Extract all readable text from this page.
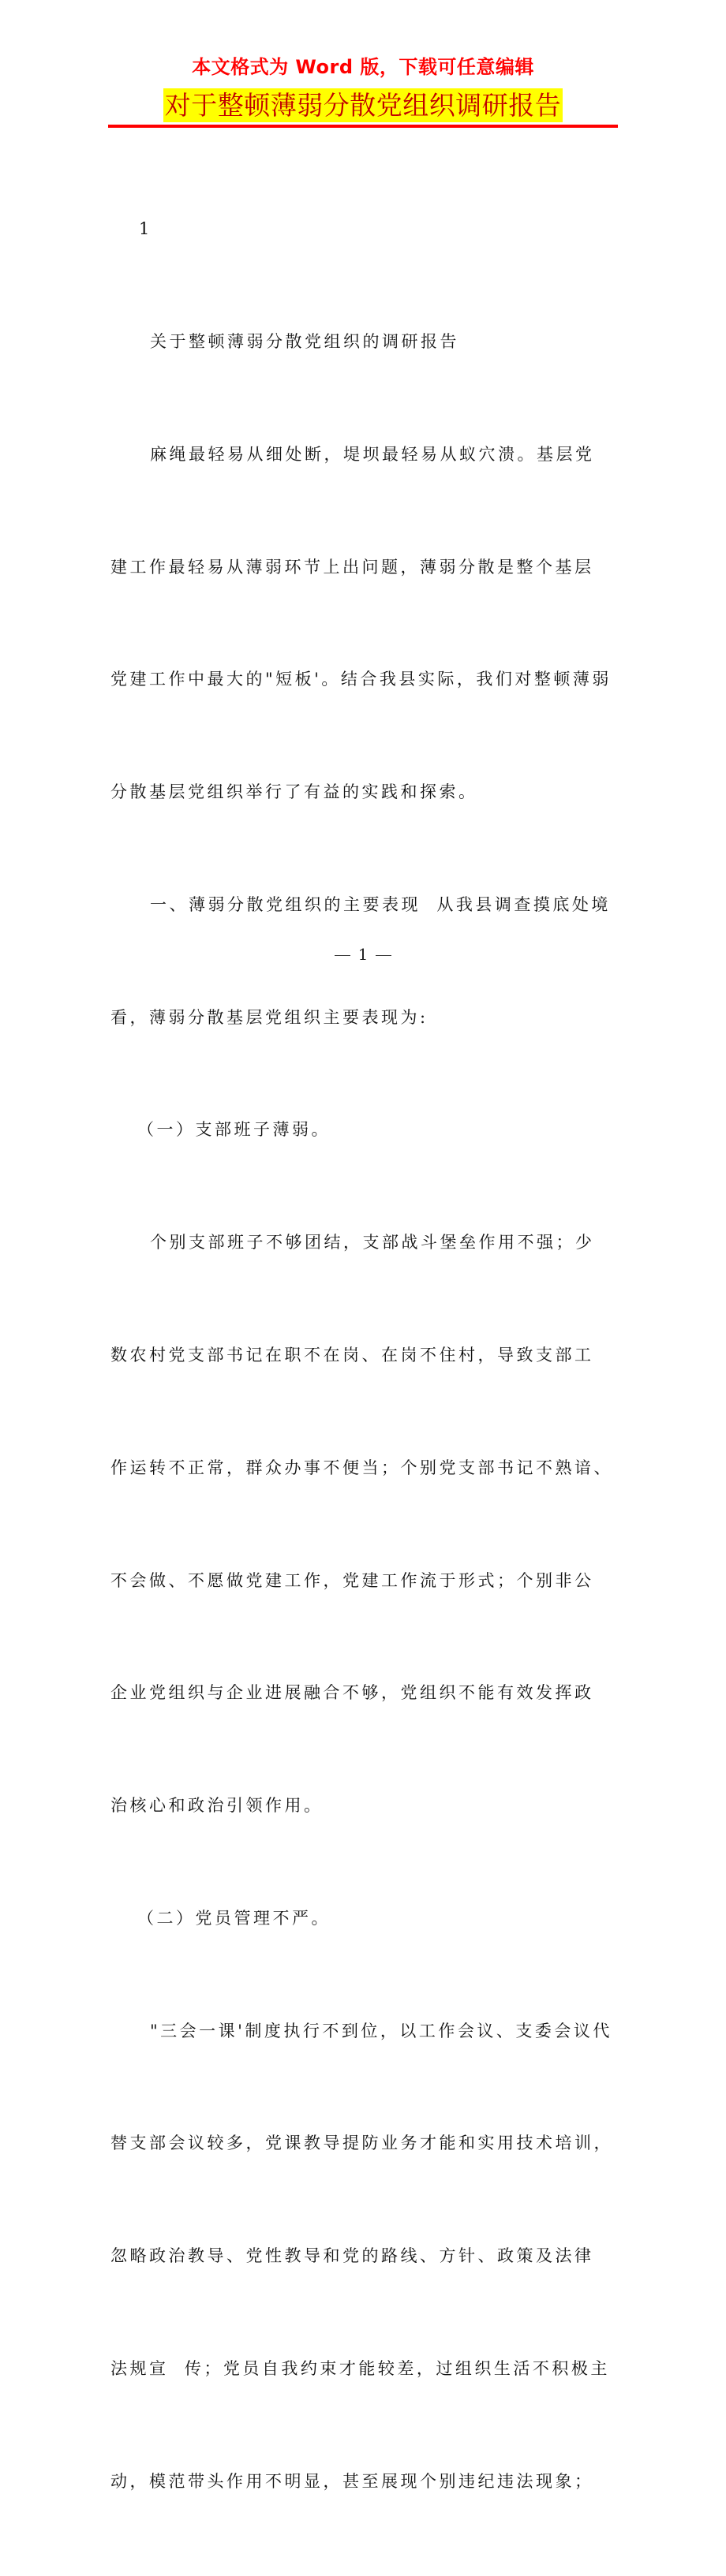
本文格式为 Word 版，下载可任意编辑
对于整顿薄弱分散党组织调研报告

1

关于整顿薄弱分散党组织的调研报告

麻绳最轻易从细处断，堤坝最轻易从蚁穴溃。基层党

建工作最轻易从薄弱环节上出问题，薄弱分散是整个基层

党建工作中最大的"短板'。结合我县实际，我们对整顿薄弱

分散基层党组织举行了有益的实践和探索。

一、薄弱分散党组织的主要表现  从我县调查摸底处境

看，薄弱分散基层党组织主要表现为:

（一）支部班子薄弱。

个别支部班子不够团结，支部战斗堡垒作用不强；少

数农村党支部书记在职不在岗、在岗不住村，导致支部工

作运转不正常，群众办事不便当；个别党支部书记不熟谙、

不会做、不愿做党建工作，党建工作流于形式；个别非公

企业党组织与企业进展融合不够，党组织不能有效发挥政

治核心和政治引领作用。

（二）党员管理不严。

"三会一课'制度执行不到位，以工作会议、支委会议代

替支部会议较多，党课教导提防业务才能和实用技术培训，

忽略政治教导、党性教导和党的路线、方针、政策及法律

法规宣  传；党员自我约束才能较差，过组织生活不积极主

动，模范带头作用不明显，甚至展现个别违纪违法现象；

1
